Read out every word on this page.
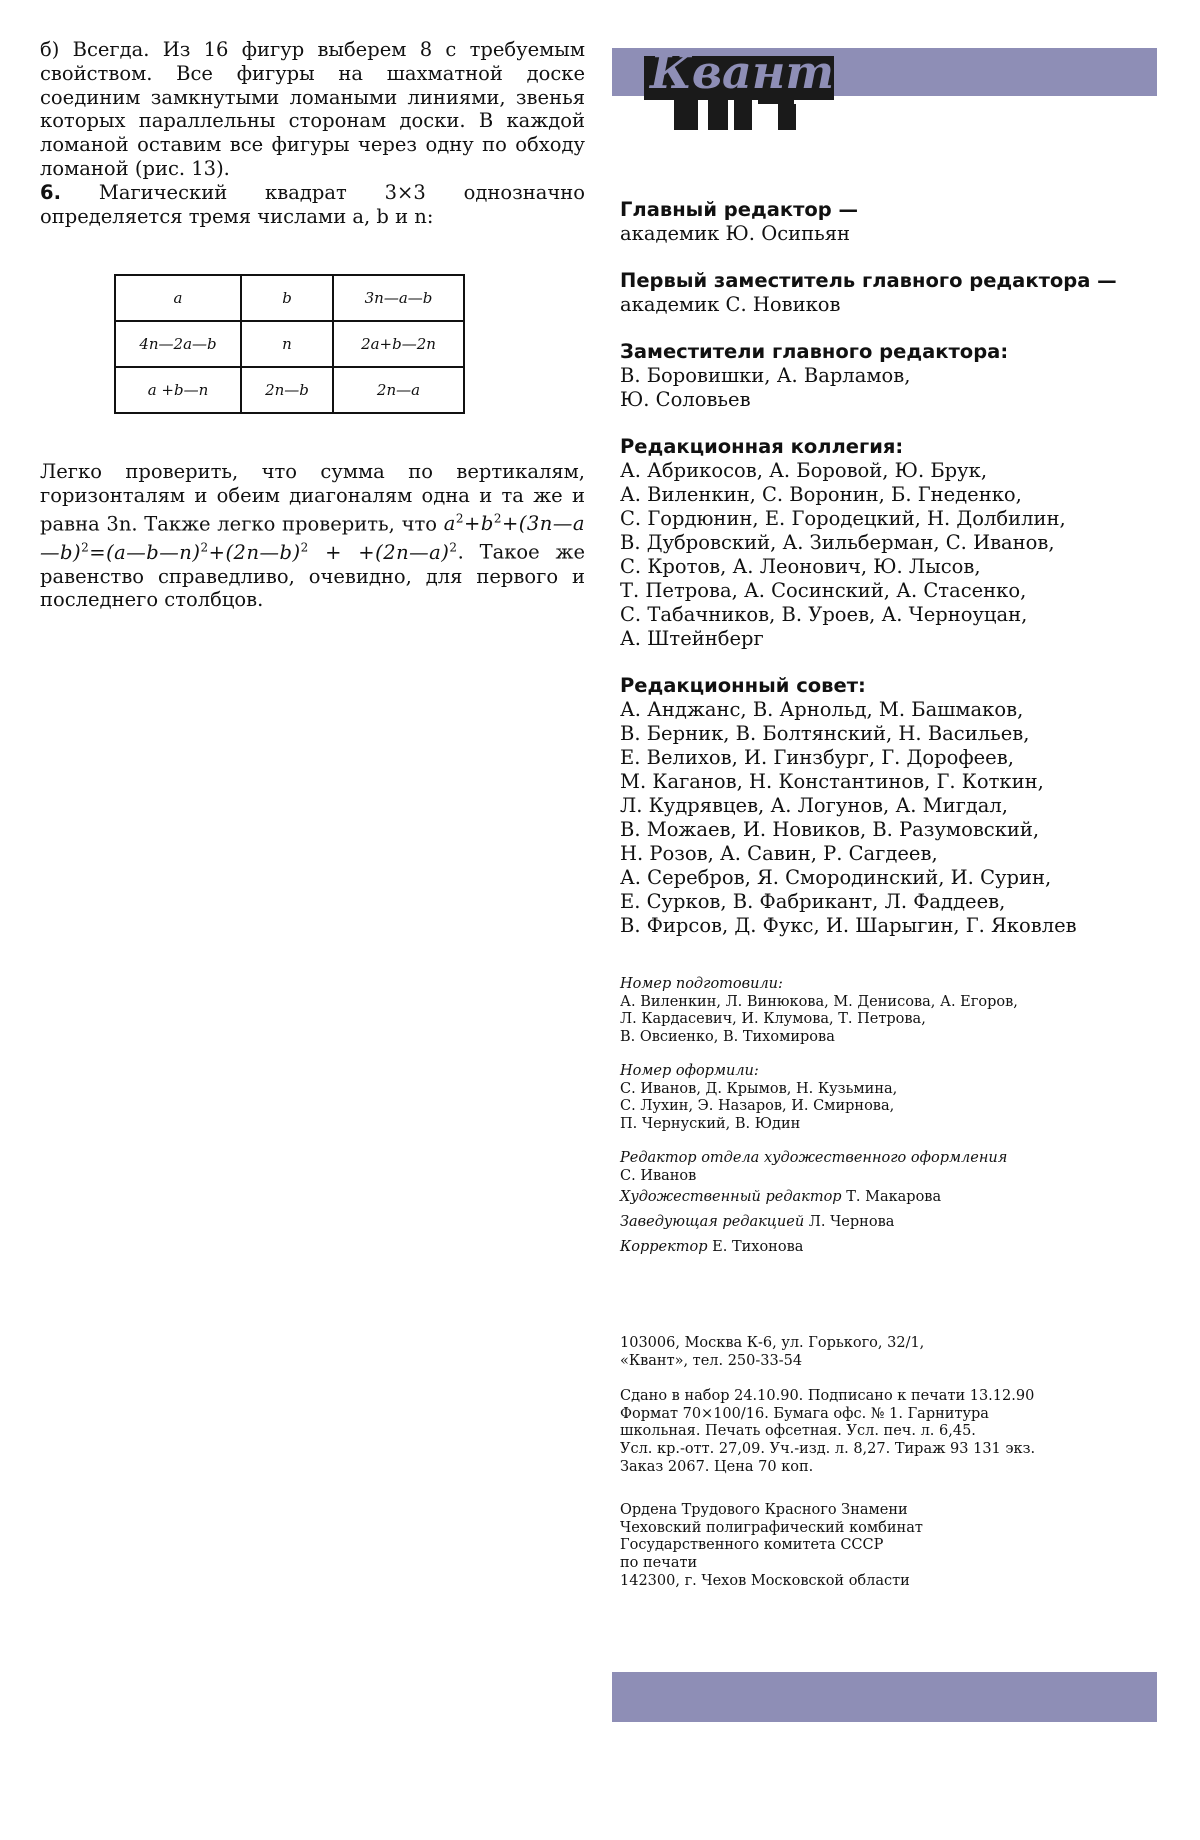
б) Всегда. Из 16 фигур выберем 8 с требуемым свойством. Все фигуры на шахматной доске соединим замкнутыми ломаными линиями, звенья которых параллельны сторонам доски. В каждой ломаной оставим все фигуры через одну по обходу ломаной (рис. 13).

6. Магический квадрат 3×3 однозначно определяется тремя числами a, b и n:

a	b	3n—a—b
4n—2a—b	n	2a+b—2n
a +b—n	2n—b	2n—a

Легко проверить, что сумма по вертикалям, горизонталям и обеим диагоналям одна и та же и равна 3n. Также легко проверить, что $a^2+b^2+(3n—a—b)^2=(a—b—n)^2+(2n—b)^2$ + +(2n—a)$^2$. Такое же равенство справедливо, очевидно, для первого и последнего столбцов.

Квант

Главный редактор —

академик Ю. Осипьян

Первый заместитель главного редактора —

академик С. Новиков

Заместители главного редактора:

В. Боровишки, А. Варламов,

Ю. Соловьев

Редакционная коллегия:

А. Абрикосов, А. Боровой, Ю. Брук,

А. Виленкин, С. Воронин, Б. Гнеденко,

С. Гордюнин, Е. Городецкий, Н. Долбилин,

В. Дубровский, А. Зильберман, С. Иванов,

С. Кротов, А. Леонович, Ю. Лысов,

Т. Петрова, А. Сосинский, А. Стасенко,

С. Табачников, В. Уроев, А. Черноуцан,

А. Штейнберг

Редакционный совет:

А. Анджанс, В. Арнольд, М. Башмаков,

В. Берник, В. Болтянский, Н. Васильев,

Е. Велихов, И. Гинзбург, Г. Дорофеев,

М. Каганов, Н. Константинов, Г. Коткин,

Л. Кудрявцев, А. Логунов, А. Мигдал,

В. Можаев, И. Новиков, В. Разумовский,

Н. Розов, А. Савин, Р. Сагдеев,

А. Серебров, Я. Смородинский, И. Сурин,

Е. Сурков, В. Фабрикант, Л. Фаддеев,

В. Фирсов, Д. Фукс, И. Шарыгин, Г. Яковлев

Номер подготовили:

А. Виленкин, Л. Винюкова, М. Денисова, А. Егоров,

Л. Кардасевич, И. Клумова, Т. Петрова,

В. Овсиенко, В. Тихомирова

Номер оформили:

С. Иванов, Д. Крымов, Н. Кузьмина,

С. Лухин, Э. Назаров, И. Смирнова,

П. Чернуский, В. Юдин

Редактор отдела художественного оформления

С. Иванов

Художественный редактор Т. Макарова

Заведующая редакцией Л. Чернова

Корректор Е. Тихонова

103006, Москва К-6, ул. Горького, 32/1,

«Квант», тел. 250-33-54

Сдано в набор 24.10.90. Подписано к печати 13.12.90

Формат 70×100/16. Бумага офс. № 1. Гарнитура

школьная. Печать офсетная. Усл. печ. л. 6,45.

Усл. кр.-отт. 27,09. Уч.-изд. л. 8,27. Тираж 93 131 экз.

Заказ 2067. Цена 70 коп.

Ордена Трудового Красного Знамени

Чеховский полиграфический комбинат

Государственного комитета СССР

по печати

142300, г. Чехов Московской области
